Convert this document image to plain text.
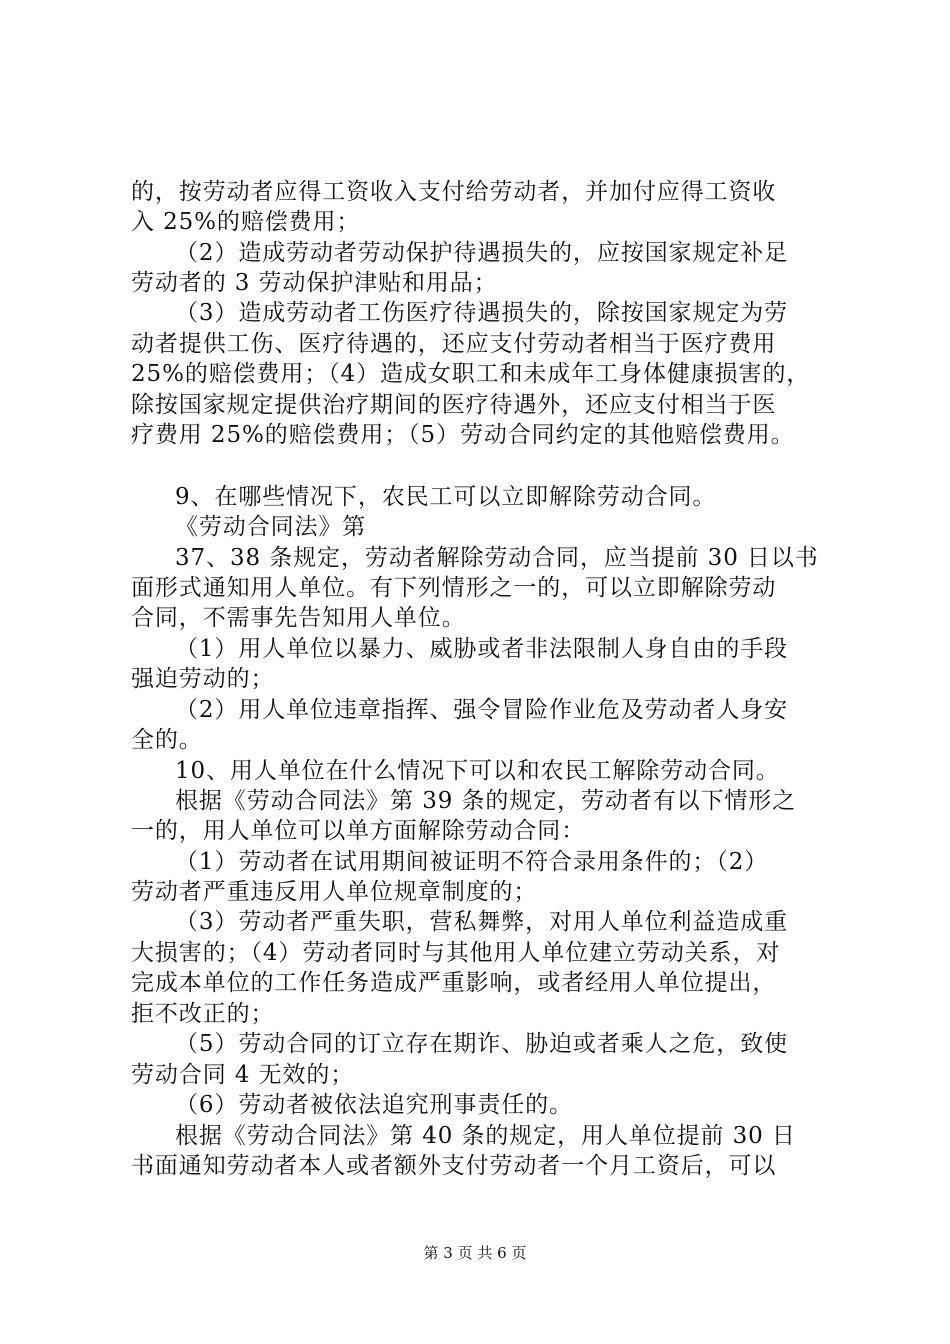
的，按劳动者应得工资收入支付给劳动者，并加付应得工资收
入 25%的赔偿费用；
（2）造成劳动者劳动保护待遇损失的，应按国家规定补足
劳动者的 3 劳动保护津贴和用品；
（3）造成劳动者工伤医疗待遇损失的，除按国家规定为劳
动者提供工伤、医疗待遇的，还应支付劳动者相当于医疗费用
25%的赔偿费用；（4）造成女职工和未成年工身体健康损害的，
除按国家规定提供治疗期间的医疗待遇外，还应支付相当于医
疗费用 25%的赔偿费用；（5）劳动合同约定的其他赔偿费用。
9、在哪些情况下，农民工可以立即解除劳动合同。
《劳动合同法》第
37、38 条规定，劳动者解除劳动合同，应当提前 30 日以书
面形式通知用人单位。有下列情形之一的，可以立即解除劳动
合同，不需事先告知用人单位。
（1）用人单位以暴力、威胁或者非法限制人身自由的手段
强迫劳动的；
（2）用人单位违章指挥、强令冒险作业危及劳动者人身安
全的。
10、用人单位在什么情况下可以和农民工解除劳动合同。
根据《劳动合同法》第 39 条的规定，劳动者有以下情形之
一的，用人单位可以单方面解除劳动合同：
（1）劳动者在试用期间被证明不符合录用条件的；（2）
劳动者严重违反用人单位规章制度的；
（3）劳动者严重失职，营私舞弊，对用人单位利益造成重
大损害的；（4）劳动者同时与其他用人单位建立劳动关系，对
完成本单位的工作任务造成严重影响，或者经用人单位提出，
拒不改正的；
（5）劳动合同的订立存在期诈、胁迫或者乘人之危，致使
劳动合同 4 无效的；
（6）劳动者被依法追究刑事责任的。
根据《劳动合同法》第 40 条的规定，用人单位提前 30 日
书面通知劳动者本人或者额外支付劳动者一个月工资后，可以
第 3 页 共 6 页
